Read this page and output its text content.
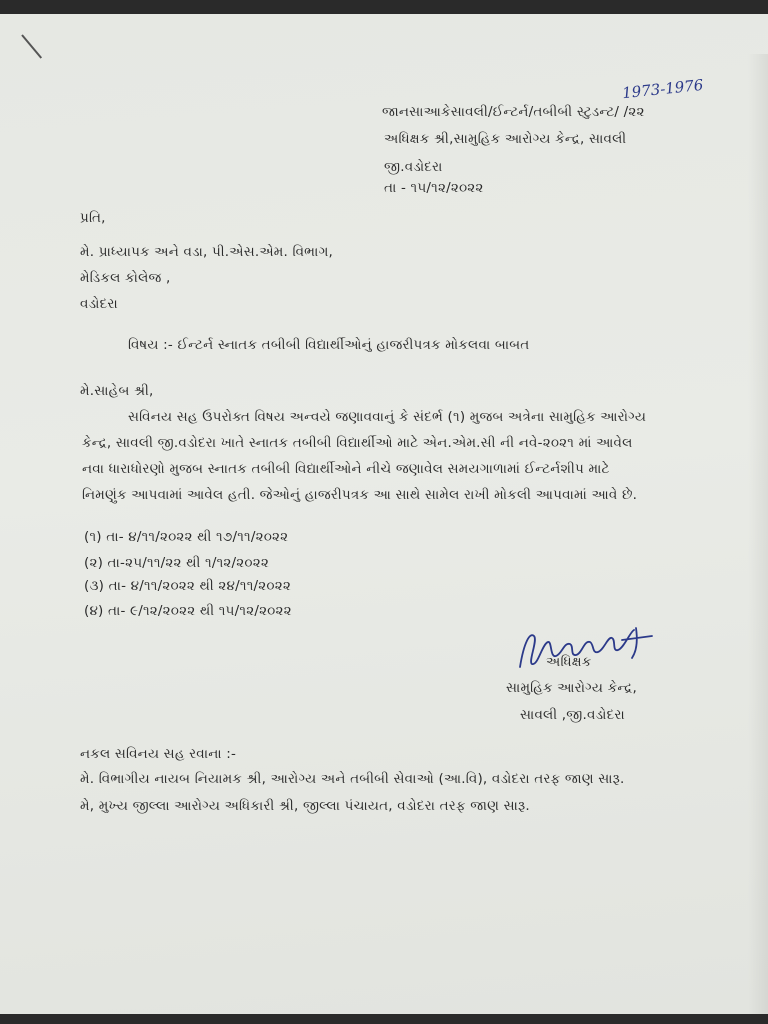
1973-1976
જાનસાઆકેસાવલી/ઈન્ટર્ન/તબીબી સ્ટુડન્ટ/ /૨૨
અધિક્ષક શ્રી,સામુહિક આરોગ્ય કેન્દ્ર, સાવલી
જી.વડોદરા
તા - ૧૫/૧૨/૨૦૨૨
પ્રતિ,
મે. પ્રાધ્યાપક અને વડા, પી.એસ.એમ. વિભાગ,
મેડિકલ કોલેજ ,
વડોદરા
વિષય :- ઈન્ટર્ન સ્નાતક તબીબી વિદ્યાર્થીઓનું હાજરીપત્રક મોકલવા બાબત
મે.સાહેબ શ્રી,
સવિનય સહ ઉપરોક્ત વિષય અન્વયે જણાવવાનું કે સંદર્ભ (૧) મુજબ અત્રેના સામુહિક આરોગ્ય
કેન્દ્ર, સાવલી જી.વડોદરા ખાતે સ્નાતક તબીબી વિદ્યાર્થીઓ માટે એન.એમ.સી ની નવે-૨૦૨૧ માં આવેલ
નવા ધારાધોરણો મુજબ સ્નાતક તબીબી વિદ્યાર્થીઓને નીચે જણાવેલ સમયગાળામાં ઈન્ટર્નશીપ માટે
નિમણુંક આપવામાં આવેલ હતી. જેઓનું હાજરીપત્રક આ સાથે સામેલ રાખી મોકલી આપવામાં આવે છે.
(૧) તા- ૪/૧૧/૨૦૨૨ થી ૧૭/૧૧/૨૦૨૨
(૨) તા-૨૫/૧૧/૨૨ થી ૧/૧૨/૨૦૨૨
(૩) તા- ૪/૧૧/૨૦૨૨ થી ૨૪/૧૧/૨૦૨૨
(૪) તા- ૯/૧૨/૨૦૨૨ થી ૧૫/૧૨/૨૦૨૨
અધિક્ષક
સામુહિક આરોગ્ય કેન્દ્ર,
સાવલી ,જી.વડોદરા
નકલ સવિનય સહ રવાના :-
મે. વિભાગીય નાયબ નિયામક શ્રી, આરોગ્ય અને તબીબી સેવાઓ (આ.વિ), વડોદરા તરફ જાણ સારૂ.
મે, મુખ્ય જીલ્લા આરોગ્ય અધિકારી શ્રી, જીલ્લા પંચાયત, વડોદરા તરફ જાણ સારૂ.
